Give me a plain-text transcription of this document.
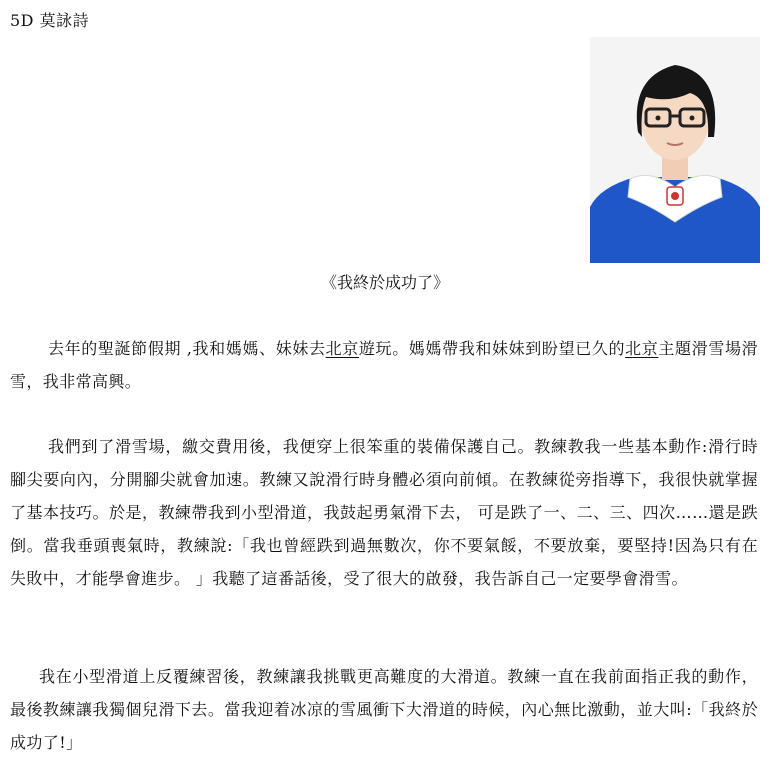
5D 莫詠詩
《我終於成功了》

去年的聖誕節假期 ,我和媽媽、妹妹去北京遊玩。媽媽帶我和妹妹到盼望已久的北京主題滑雪場滑雪，我非常高興。

我們到了滑雪場，繳交費用後，我便穿上很笨重的裝備保護自己。教練教我一些基本動作:滑行時腳尖要向內，分開腳尖就會加速。教練又說滑行時身體必須向前傾。在教練從旁指導下，我很快就掌握了基本技巧。於是，教練帶我到小型滑道，我鼓起勇氣滑下去， 可是跌了一、二、三、四次……還是跌倒。當我垂頭喪氣時，教練說:「我也曾經跌到過無數次，你不要氣餒，不要放棄，要堅持!因為只有在失敗中，才能學會進步。 」我聽了這番話後，受了很大的啟發，我告訴自己一定要學會滑雪。

我在小型滑道上反覆練習後，教練讓我挑戰更高難度的大滑道。教練一直在我前面指正我的動作，最後教練讓我獨個兒滑下去。當我迎着冰凉的雪風衝下大滑道的時候，內心無比激動，並大叫:「我終於成功了!」
